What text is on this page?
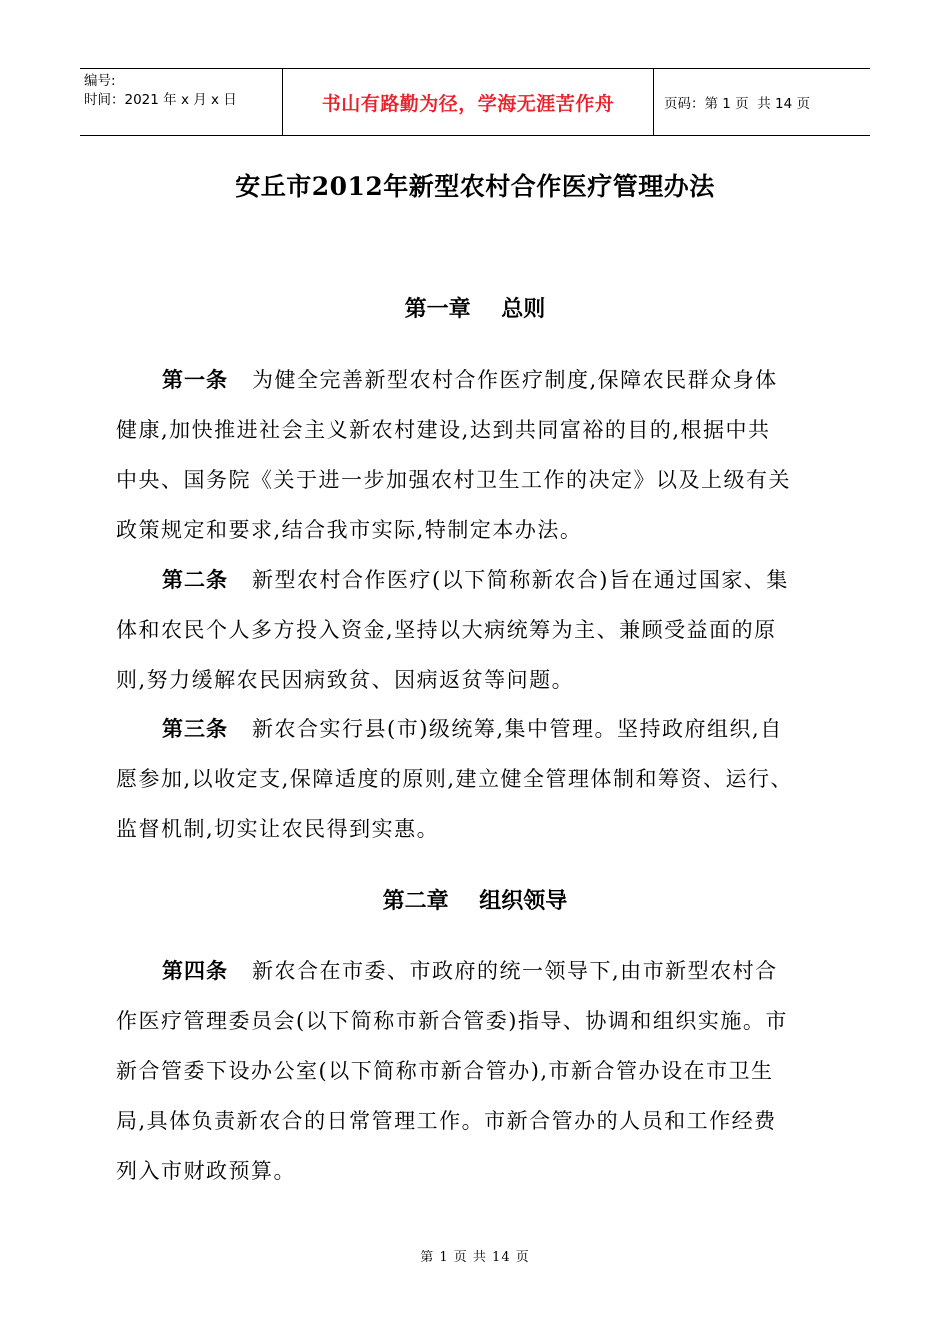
编号:
时间：2021 年 x 月 x 日	书山有路勤为径，学海无涯苦作舟	页码：第 1 页  共 14 页
安丘市2012年新型农村合作医疗管理办法
第一章    总则
第一条 为健全完善新型农村合作医疗制度,保障农民群众身体
健康,加快推进社会主义新农村建设,达到共同富裕的目的,根据中共
中央、国务院《关于进一步加强农村卫生工作的决定》以及上级有关
政策规定和要求,结合我市实际,特制定本办法。
第二条 新型农村合作医疗(以下简称新农合)旨在通过国家、集
体和农民个人多方投入资金,坚持以大病统筹为主、兼顾受益面的原
则,努力缓解农民因病致贫、因病返贫等问题。
第三条 新农合实行县(市)级统筹,集中管理。坚持政府组织,自
愿参加,以收定支,保障适度的原则,建立健全管理体制和筹资、运行、
监督机制,切实让农民得到实惠。
第二章    组织领导
第四条 新农合在市委、市政府的统一领导下,由市新型农村合
作医疗管理委员会(以下简称市新合管委)指导、协调和组织实施。市
新合管委下设办公室(以下简称市新合管办),市新合管办设在市卫生
局,具体负责新农合的日常管理工作。市新合管办的人员和工作经费
列入市财政预算。
第 1 页 共 14 页
